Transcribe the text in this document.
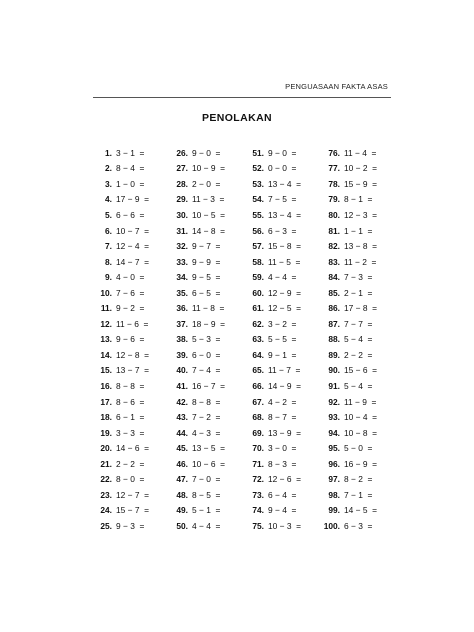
PENGUASAAN FAKTA ASAS
PENOLAKAN
1. 3 − 1  =
2. 8 − 4  =
3. 1 − 0  =
4. 17 − 9  =
5. 6 − 6  =
6. 10 − 7  =
7. 12 − 4  =
8. 14 − 7  =
9. 4 − 0  =
10. 7 − 6  =
11. 9 − 2  =
12. 11 − 6  =
13. 9 − 6  =
14. 12 − 8  =
15. 13 − 7  =
16. 8 − 8  =
17. 8 − 6  =
18. 6 − 1  =
19. 3 − 3  =
20. 14 − 6  =
21. 2 − 2  =
22. 8 − 0  =
23. 12 − 7  =
24. 15 − 7  =
25. 9 − 3  =
26. 9 − 0  =
27. 10 − 9  =
28. 2 − 0  =
29. 11 − 3  =
30. 10 − 5  =
31. 14 − 8  =
32. 9 − 7  =
33. 9 − 9  =
34. 9 − 5  =
35. 6 − 5  =
36. 11 − 8  =
37. 18 − 9  =
38. 5 − 3  =
39. 6 − 0  =
40. 7 − 4  =
41. 16 − 7  =
42. 8 − 8  =
43. 7 − 2  =
44. 4 − 3  =
45. 13 − 5  =
46. 10 − 6  =
47. 7 − 0  =
48. 8 − 5  =
49. 5 − 1  =
50. 4 − 4  =
51. 9 − 0  =
52. 0 − 0  =
53. 13 − 4  =
54. 7 − 5  =
55. 13 − 4  =
56. 6 − 3  =
57. 15 − 8  =
58. 11 − 5  =
59. 4 − 4  =
60. 12 − 9  =
61. 12 − 5  =
62. 3 − 2  =
63. 5 − 5  =
64. 9 − 1  =
65. 11 − 7  =
66. 14 − 9  =
67. 4 − 2  =
68. 8 − 7  =
69. 13 − 9  =
70. 3 − 0  =
71. 8 − 3  =
72. 12 − 6  =
73. 6 − 4  =
74. 9 − 4  =
75. 10 − 3  =
76. 11 − 4  =
77. 10 − 2  =
78. 15 − 9  =
79. 8 − 1  =
80. 12 − 3  =
81. 1 − 1  =
82. 13 − 8  =
83. 11 − 2  =
84. 7 − 3  =
85. 2 − 1  =
86. 17 − 8  =
87. 7 − 7  =
88. 5 − 4  =
89. 2 − 2  =
90. 15 − 6  =
91. 5 − 4  =
92. 11 − 9  =
93. 10 − 4  =
94. 10 − 8  =
95. 5 − 0  =
96. 16 − 9  =
97. 8 − 2  =
98. 7 − 1  =
99. 14 − 5  =
100. 6 − 3  =
